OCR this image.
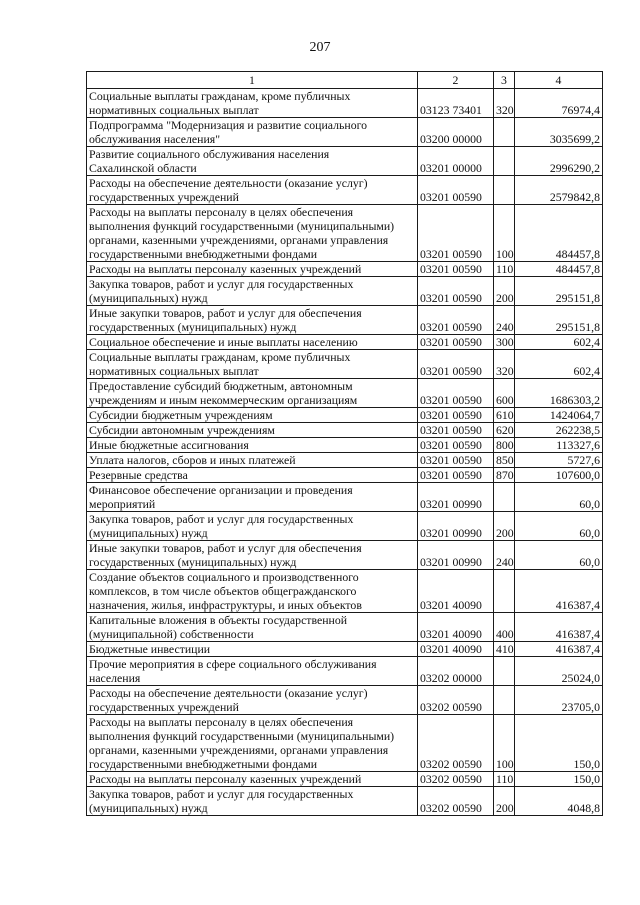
207
1	2	3	4
Социальные выплаты гражданам, кроме публичных
нормативных социальных выплат	03123 73401	320	76974,4
Подпрограмма "Модернизация и развитие социального
обслуживания населения"	03200 00000		3035699,2
Развитие социального обслуживания населения
Сахалинской области	03201 00000		2996290,2
Расходы на обеспечение деятельности (оказание услуг)
государственных учреждений	03201 00590		2579842,8
Расходы на выплаты персоналу в целях обеспечения
выполнения функций государственными (муниципальными)
органами, казенными учреждениями, органами управления
государственными внебюджетными фондами	03201 00590	100	484457,8
Расходы на выплаты персоналу казенных учреждений	03201 00590	110	484457,8
Закупка товаров, работ и услуг для государственных
(муниципальных) нужд	03201 00590	200	295151,8
Иные закупки товаров, работ и услуг для обеспечения
государственных (муниципальных) нужд	03201 00590	240	295151,8
Социальное обеспечение и иные выплаты населению	03201 00590	300	602,4
Социальные выплаты гражданам, кроме публичных
нормативных социальных выплат	03201 00590	320	602,4
Предоставление субсидий бюджетным, автономным
учреждениям и иным некоммерческим организациям	03201 00590	600	1686303,2
Субсидии бюджетным учреждениям	03201 00590	610	1424064,7
Субсидии автономным учреждениям	03201 00590	620	262238,5
Иные бюджетные ассигнования	03201 00590	800	113327,6
Уплата налогов, сборов и иных платежей	03201 00590	850	5727,6
Резервные средства	03201 00590	870	107600,0
Финансовое обеспечение организации и проведения
мероприятий	03201 00990		60,0
Закупка товаров, работ и услуг для государственных
(муниципальных) нужд	03201 00990	200	60,0
Иные закупки товаров, работ и услуг для обеспечения
государственных (муниципальных) нужд	03201 00990	240	60,0
Создание объектов социального и производственного
комплексов, в том числе объектов общегражданского
назначения, жилья, инфраструктуры, и иных объектов	03201 40090		416387,4
Капитальные вложения в объекты государственной
(муниципальной) собственности	03201 40090	400	416387,4
Бюджетные инвестиции	03201 40090	410	416387,4
Прочие мероприятия в сфере социального обслуживания
населения	03202 00000		25024,0
Расходы на обеспечение деятельности (оказание услуг)
государственных учреждений	03202 00590		23705,0
Расходы на выплаты персоналу в целях обеспечения
выполнения функций государственными (муниципальными)
органами, казенными учреждениями, органами управления
государственными внебюджетными фондами	03202 00590	100	150,0
Расходы на выплаты персоналу казенных учреждений	03202 00590	110	150,0
Закупка товаров, работ и услуг для государственных
(муниципальных) нужд	03202 00590	200	4048,8
